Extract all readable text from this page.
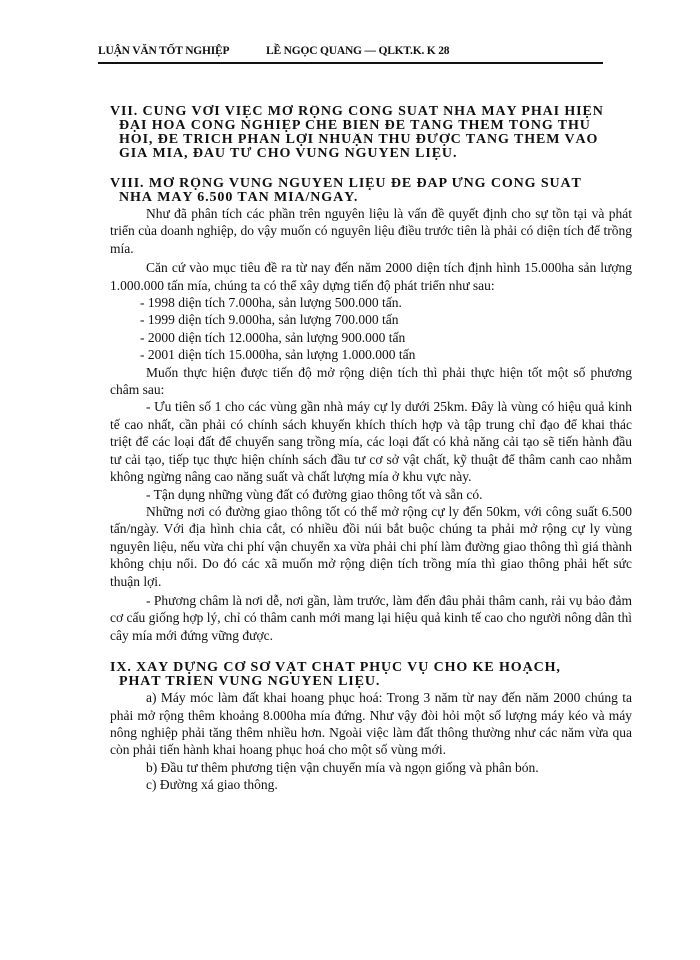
LUẬN VĂN TỐT NGHIỆP	LỀ NGỌC QUANG — QLKT.K. K 28
VII. CÙNG VỚI VIỆC MỞ RỘNG CÔNG SUẤT NHÀ MÁY PHẢI HIỆN
ĐẠI HOÁ CÔNG NGHIỆP CHẾ BIẾN ĐỂ TĂNG THÊM TỔNG THU
HỒI, ĐỂ TRÍCH PHẦN LỢI NHUẬN THU ĐƯỢC TĂNG THÊM VÀO
GIÁ MÍA, ĐẦU TƯ CHO VÙNG NGUYÊN LIỆU.
VIII. MỞ RỘNG VÙNG NGUYÊN LIỆU ĐỂ ĐÁP ỨNG CÔNG SUẤT
NHÀ MÁY 6.500 TẤN MÍA/NGÀY.

Như đã phân tích các phần trên nguyên liệu là vấn đề quyết định cho sự tồn tại và phát triển của doanh nghiệp, do vậy muốn có nguyên liệu điều trước tiên là phải có diện tích để trồng mía.

Căn cứ vào mục tiêu đề ra từ nay đến năm 2000 diện tích định hình 15.000ha sản lượng 1.000.000 tấn mía, chúng ta có thể xây dựng tiến độ phát triển như sau:

- 1998 diện tích 7.000ha, sản lượng 500.000 tấn.
- 1999 diện tích 9.000ha, sản lượng 700.000 tấn
- 2000 diện tích 12.000ha, sản lượng 900.000 tấn
- 2001 diện tích 15.000ha, sản lượng 1.000.000 tấn

Muốn thực hiện được tiến độ mở rộng diện tích thì phải thực hiện tốt một số phương châm sau:

- Ưu tiên số 1 cho các vùng gần nhà máy cự ly dưới 25km. Đây là vùng có hiệu quả kinh tế cao nhất, cần phải có chính sách khuyến khích thích hợp và tập trung chỉ đạo để khai thác triệt để các loại đất để chuyển sang trồng mía, các loại đất có khả năng cải tạo sẽ tiến hành đầu tư cải tạo, tiếp tục thực hiện chính sách đầu tư cơ sở vật chất, kỹ thuật để thâm canh cao nhằm không ngừng nâng cao năng suất và chất lượng mía ở khu vực này.

- Tận dụng những vùng đất có đường giao thông tốt và sẵn có.

Những nơi có đường giao thông tốt có thể mở rộng cự ly đến 50km, với công suất 6.500 tấn/ngày. Với địa hình chia cắt, có nhiều đồi núi bắt buộc chúng ta phải mở rộng cự ly vùng nguyên liệu, nếu vừa chi phí vận chuyển xa vừa phải chi phí làm đường giao thông thì giá thành không chịu nổi. Do đó các xã muốn mở rộng diện tích trồng mía thì giao thông phải hết sức thuận lợi.

- Phương châm là nơi dễ, nơi gần, làm trước, làm đến đâu phải thâm canh, rải vụ bảo đảm cơ cấu giống hợp lý, chỉ có thâm canh mới mang lại hiệu quả kinh tế cao cho người nông dân thì cây mía mới đứng vững được.

IX. XÂY DỰNG CƠ SỞ VẬT CHẤT PHỤC VỤ CHO KẾ HOẠCH,
PHÁT TRIỂN VÙNG NGUYÊN LIỆU.

a) Máy móc làm đất khai hoang phục hoá: Trong 3 năm từ nay đến năm 2000 chúng ta phải mở rộng thêm khoảng 8.000ha mía đứng. Như vậy đòi hỏi một số lượng máy kéo và máy nông nghiệp phải tăng thêm nhiều hơn. Ngoài việc làm đất thông thường như các năm vừa qua còn phải tiến hành khai hoang phục hoá cho một số vùng mới.

b) Đầu tư thêm phương tiện vận chuyển mía và ngọn giống và phân bón.

c) Đường xá giao thông.
